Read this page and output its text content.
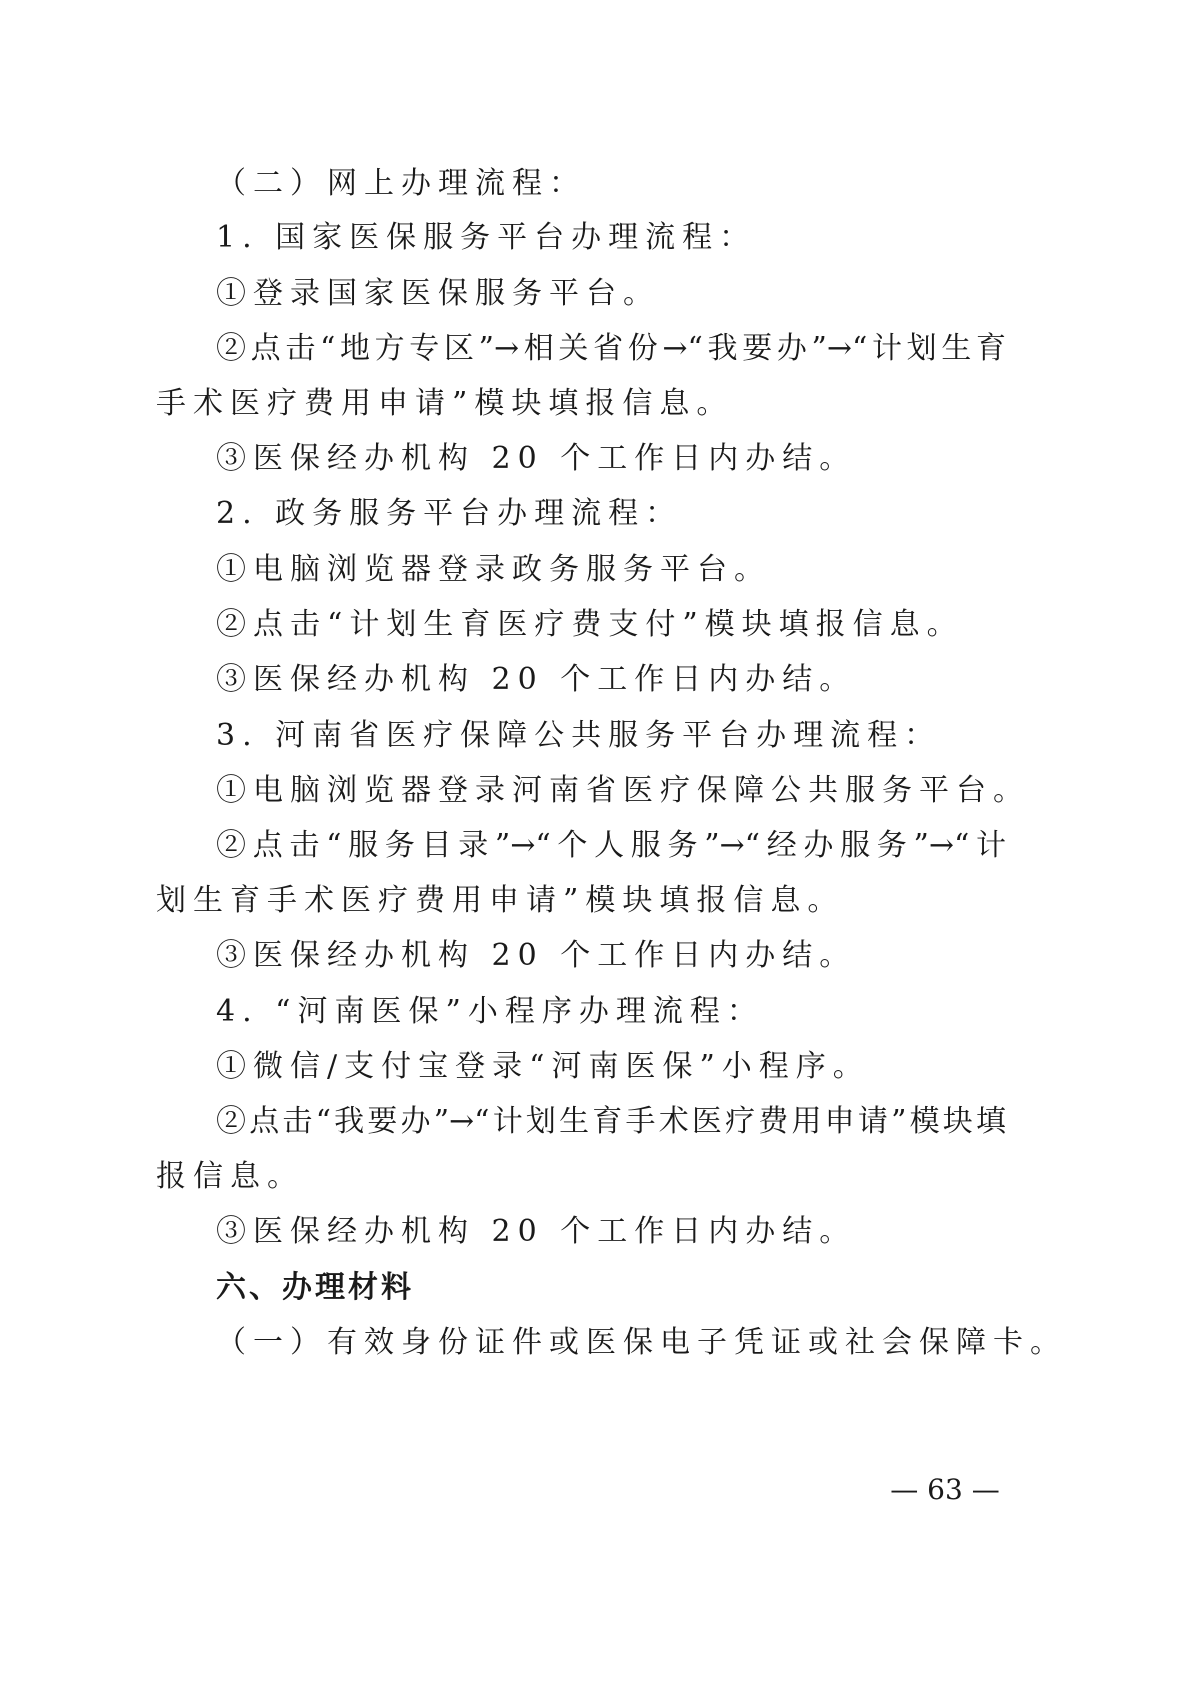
（二）网上办理流程：
1. 国家医保服务平台办理流程：
①登录国家医保服务平台。
②点击“地方专区”→相关省份→“我要办”→“计划生育
手术医疗费用申请”模块填报信息。
③医保经办机构 20 个工作日内办结。
2. 政务服务平台办理流程：
①电脑浏览器登录政务服务平台。
②点击“计划生育医疗费支付”模块填报信息。
③医保经办机构 20 个工作日内办结。
3. 河南省医疗保障公共服务平台办理流程：
①电脑浏览器登录河南省医疗保障公共服务平台。
②点击“服务目录”→“个人服务”→“经办服务”→“计
划生育手术医疗费用申请”模块填报信息。
③医保经办机构 20 个工作日内办结。
4. “河南医保”小程序办理流程：
①微信/支付宝登录“河南医保”小程序。
②点击“我要办”→“计划生育手术医疗费用申请”模块填
报信息。
③医保经办机构 20 个工作日内办结。
六、办理材料
（一）有效身份证件或医保电子凭证或社会保障卡。
— 63 —
